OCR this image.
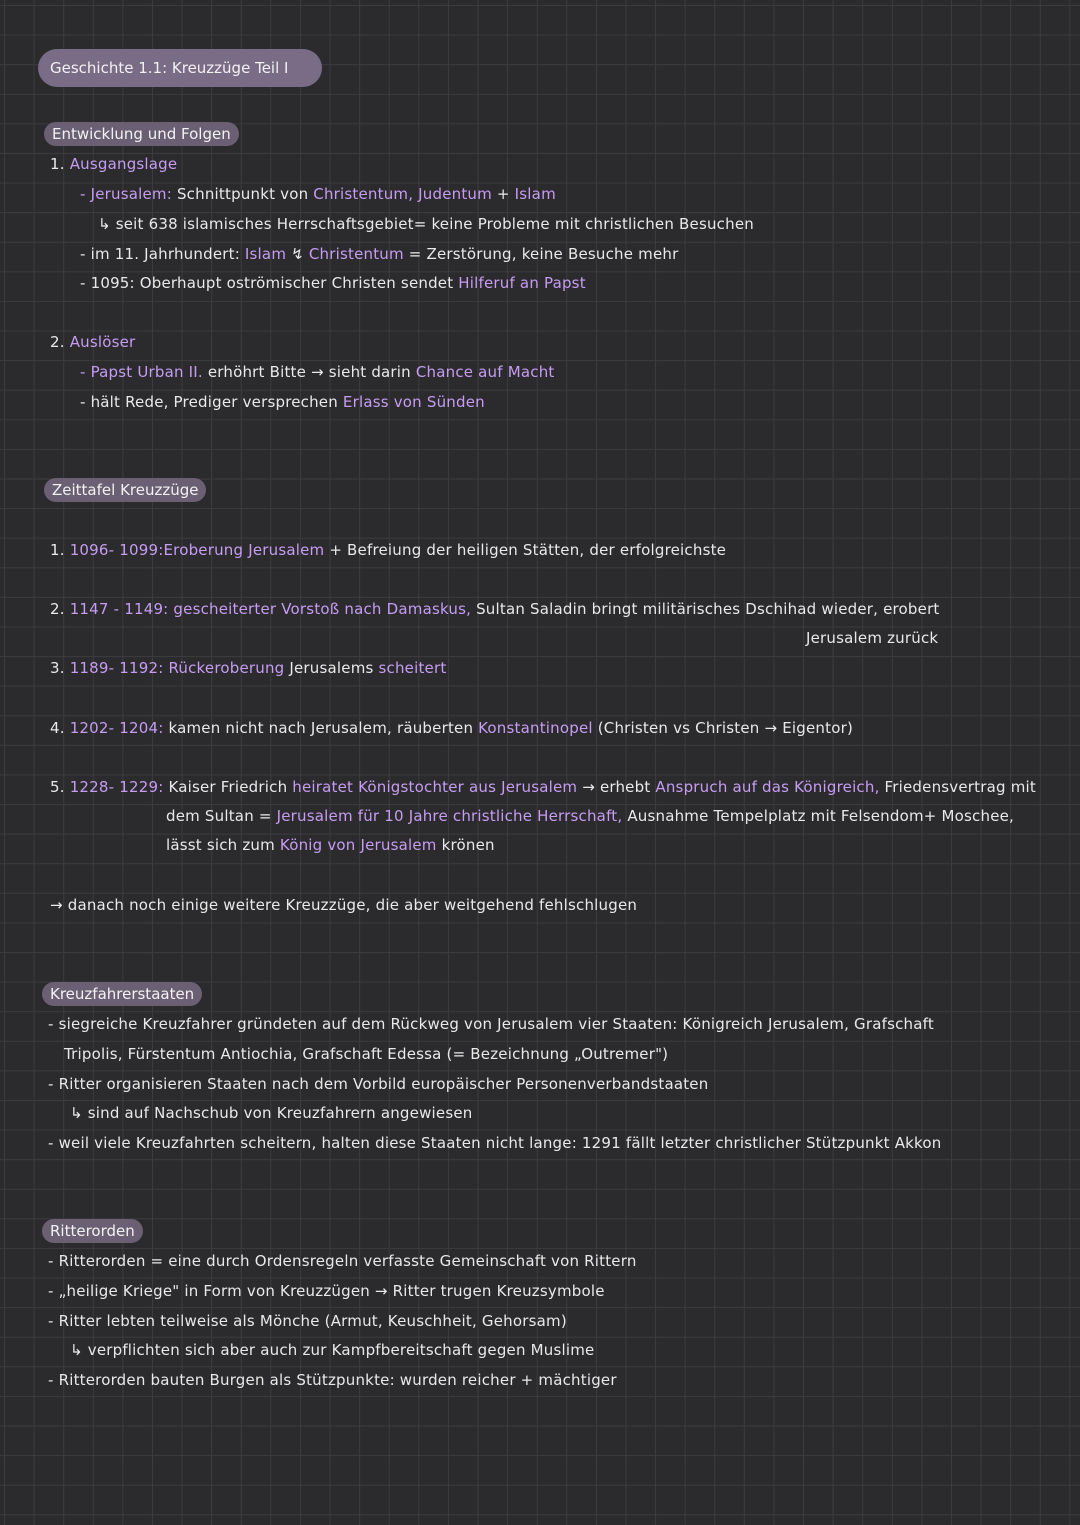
Geschichte 1.1: Kreuzzüge Teil I
Entwicklung und Folgen
1. Ausgangslage
- Jerusalem: Schnittpunkt von Christentum, Judentum + Islam
↳ seit 638 islamisches Herrschaftsgebiet= keine Probleme mit christlichen Besuchen
- im 11. Jahrhundert: Islam ↯ Christentum = Zerstörung, keine Besuche mehr
- 1095: Oberhaupt oströmischer Christen sendet Hilferuf an Papst
2. Auslöser
- Papst Urban II. erhöhrt Bitte → sieht darin Chance auf Macht
- hält Rede, Prediger versprechen Erlass von Sünden
Zeittafel Kreuzzüge
1. 1096- 1099:Eroberung Jerusalem + Befreiung der heiligen Stätten, der erfolgreichste
2. 1147 - 1149: gescheiterter Vorstoß nach Damaskus, Sultan Saladin bringt militärisches Dschihad wieder, erobert
Jerusalem zurück
3. 1189- 1192: Rückeroberung Jerusalems scheitert
4. 1202- 1204: kamen nicht nach Jerusalem, räuberten Konstantinopel (Christen vs Christen → Eigentor)
5. 1228- 1229: Kaiser Friedrich heiratet Königstochter aus Jerusalem → erhebt Anspruch auf das Königreich, Friedensvertrag mit
dem Sultan = Jerusalem für 10 Jahre christliche Herrschaft, Ausnahme Tempelplatz mit Felsendom+ Moschee,
lässt sich zum König von Jerusalem krönen
→ danach noch einige weitere Kreuzzüge, die aber weitgehend fehlschlugen
Kreuzfahrerstaaten
- siegreiche Kreuzfahrer gründeten auf dem Rückweg von Jerusalem vier Staaten: Königreich Jerusalem, Grafschaft
Tripolis, Fürstentum Antiochia, Grafschaft Edessa (= Bezeichnung „Outremer")
- Ritter organisieren Staaten nach dem Vorbild europäischer Personenverbandstaaten
↳ sind auf Nachschub von Kreuzfahrern angewiesen
- weil viele Kreuzfahrten scheitern, halten diese Staaten nicht lange: 1291 fällt letzter christlicher Stützpunkt Akkon
Ritterorden
- Ritterorden = eine durch Ordensregeln verfasste Gemeinschaft von Rittern
- „heilige Kriege" in Form von Kreuzzügen → Ritter trugen Kreuzsymbole
- Ritter lebten teilweise als Mönche (Armut, Keuschheit, Gehorsam)
↳ verpflichten sich aber auch zur Kampfbereitschaft gegen Muslime
- Ritterorden bauten Burgen als Stützpunkte: wurden reicher + mächtiger
